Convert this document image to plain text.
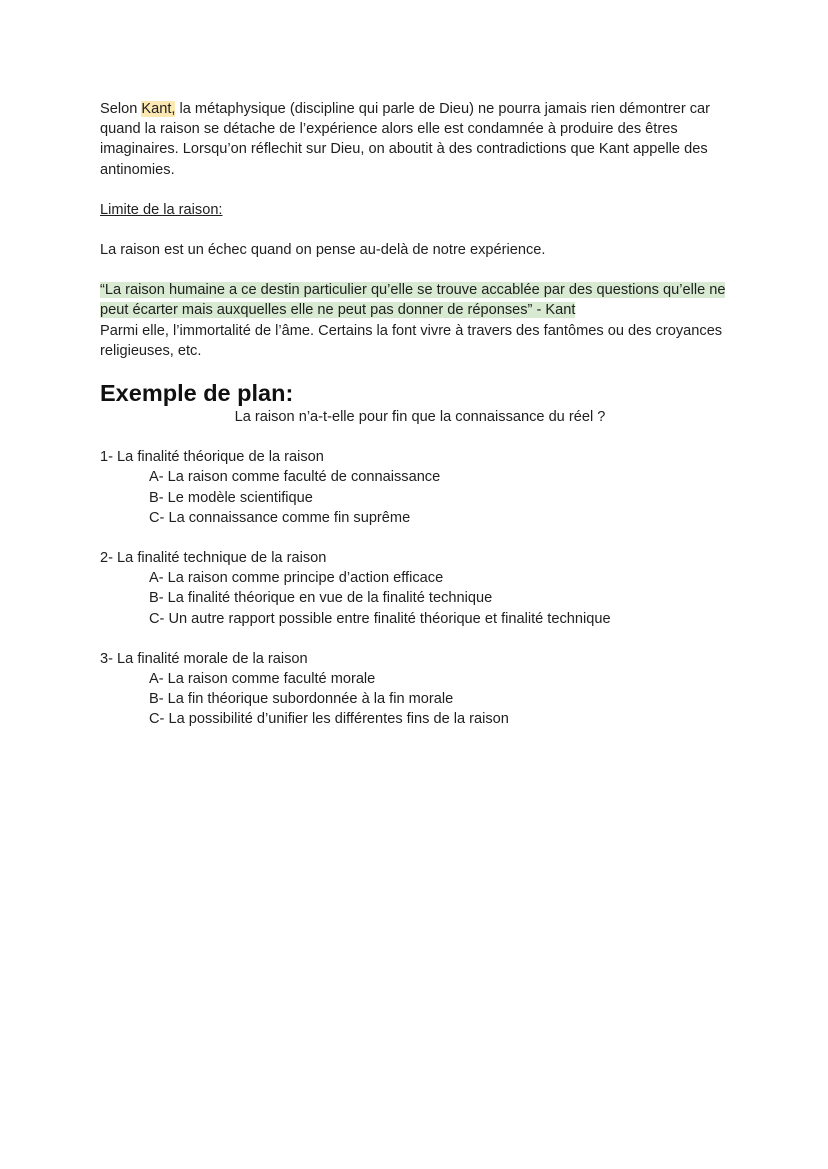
Selon Kant, la métaphysique (discipline qui parle de Dieu) ne pourra jamais rien démontrer car quand la raison se détache de l’expérience alors elle est condamnée à produire des êtres imaginaires. Lorsqu’on réflechit sur Dieu, on aboutit à des contradictions que Kant appelle des antinomies.

Limite de la raison:

La raison est un échec quand on pense au-delà de notre expérience.

“La raison humaine a ce destin particulier qu’elle se trouve accablée par des questions qu’elle ne peut écarter mais auxquelles elle ne peut pas donner de réponses” - Kant
Parmi elle, l’immortalité de l’âme. Certains la font vivre à travers des fantômes ou des croyances religieuses, etc.

Exemple de plan:

La raison n’a-t-elle pour fin que la connaissance du réel ?

1- La finalité théorique de la raison

A- La raison comme faculté de connaissance

B- Le modèle scientifique

C- La connaissance comme fin suprême

2- La finalité technique de la raison

A- La raison comme principe d’action efficace

B- La finalité théorique en vue de la finalité technique

C- Un autre rapport possible entre finalité théorique et finalité technique

3- La finalité morale de la raison

A- La raison comme faculté morale

B- La fin théorique subordonnée à la fin morale

C- La possibilité d’unifier les différentes fins de la raison
